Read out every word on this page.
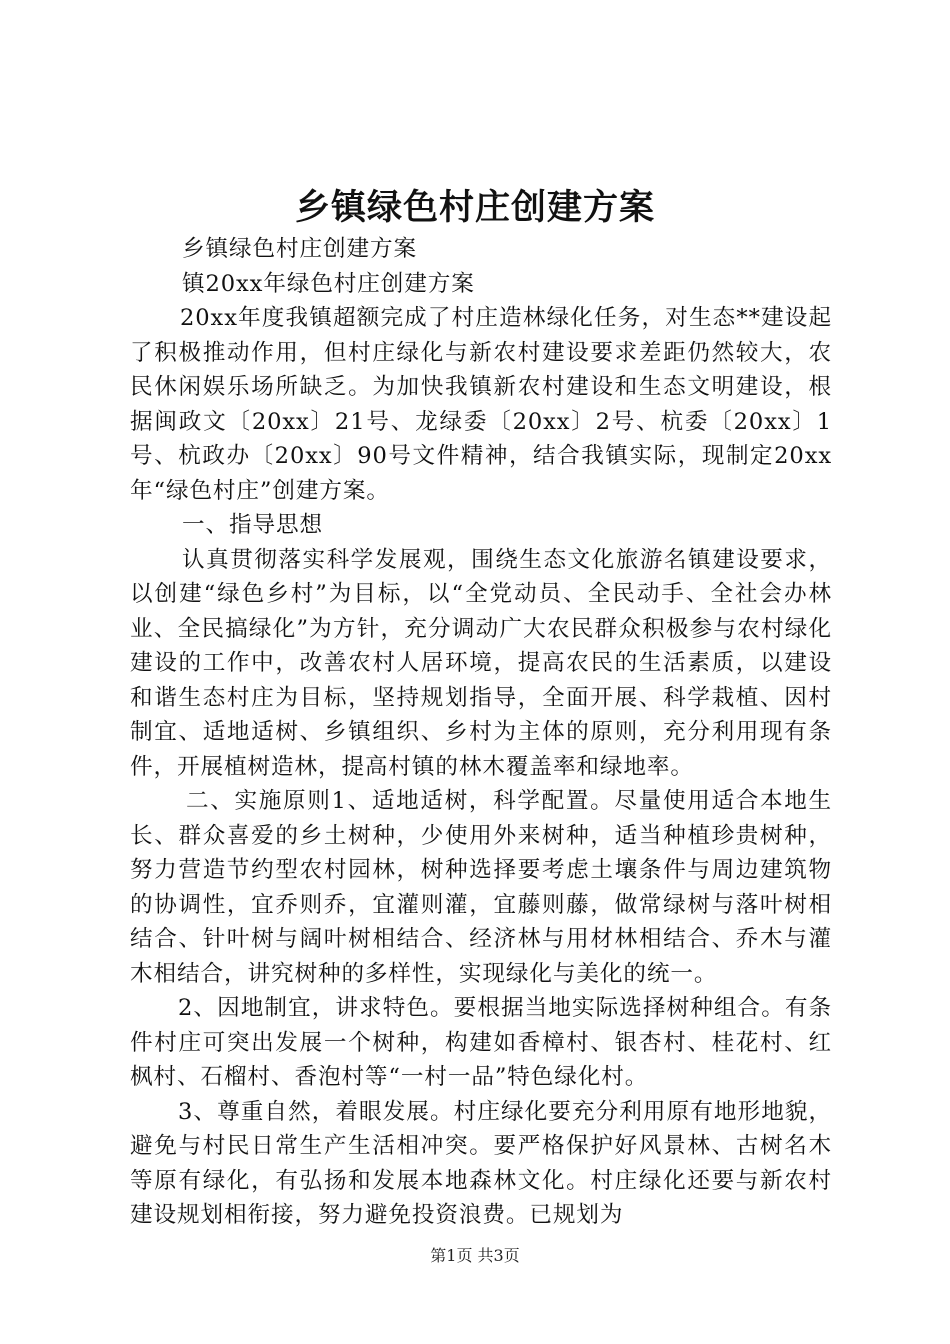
乡镇绿色村庄创建方案

乡镇绿色村庄创建方案

镇20xx年绿色村庄创建方案

20xx年度我镇超额完成了村庄造林绿化任务，对生态**建设起了积极推动作用，但村庄绿化与新农村建设要求差距仍然较大，农民休闲娱乐场所缺乏。为加快我镇新农村建设和生态文明建设，根据闽政文〔20xx〕21号、龙绿委〔20xx〕2号、杭委〔20xx〕1号、杭政办〔20xx〕90号文件精神，结合我镇实际，现制定20xx年“绿色村庄”创建方案。

一、指导思想

认真贯彻落实科学发展观，围绕生态文化旅游名镇建设要求，以创建“绿色乡村”为目标，以“全党动员、全民动手、全社会办林业、全民搞绿化”为方针，充分调动广大农民群众积极参与农村绿化建设的工作中，改善农村人居环境，提高农民的生活素质，以建设和谐生态村庄为目标，坚持规划指导，全面开展、科学栽植、因村制宜、适地适树、乡镇组织、乡村为主体的原则，充分利用现有条件，开展植树造林，提高村镇的林木覆盖率和绿地率。

二、实施原则1、适地适树，科学配置。尽量使用适合本地生长、群众喜爱的乡土树种，少使用外来树种，适当种植珍贵树种，努力营造节约型农村园林，树种选择要考虑土壤条件与周边建筑物的协调性，宜乔则乔，宜灌则灌，宜藤则藤，做常绿树与落叶树相结合、针叶树与阔叶树相结合、经济林与用材林相结合、乔木与灌木相结合，讲究树种的多样性，实现绿化与美化的统一。

2、因地制宜，讲求特色。要根据当地实际选择树种组合。有条件村庄可突出发展一个树种，构建如香樟村、银杏村、桂花村、红枫村、石榴村、香泡村等“一村一品”特色绿化村。

3、尊重自然，着眼发展。村庄绿化要充分利用原有地形地貌，避免与村民日常生产生活相冲突。要严格保护好风景林、古树名木等原有绿化，有弘扬和发展本地森林文化。村庄绿化还要与新农村建设规划相衔接，努力避免投资浪费。已规划为

第1页 共3页
